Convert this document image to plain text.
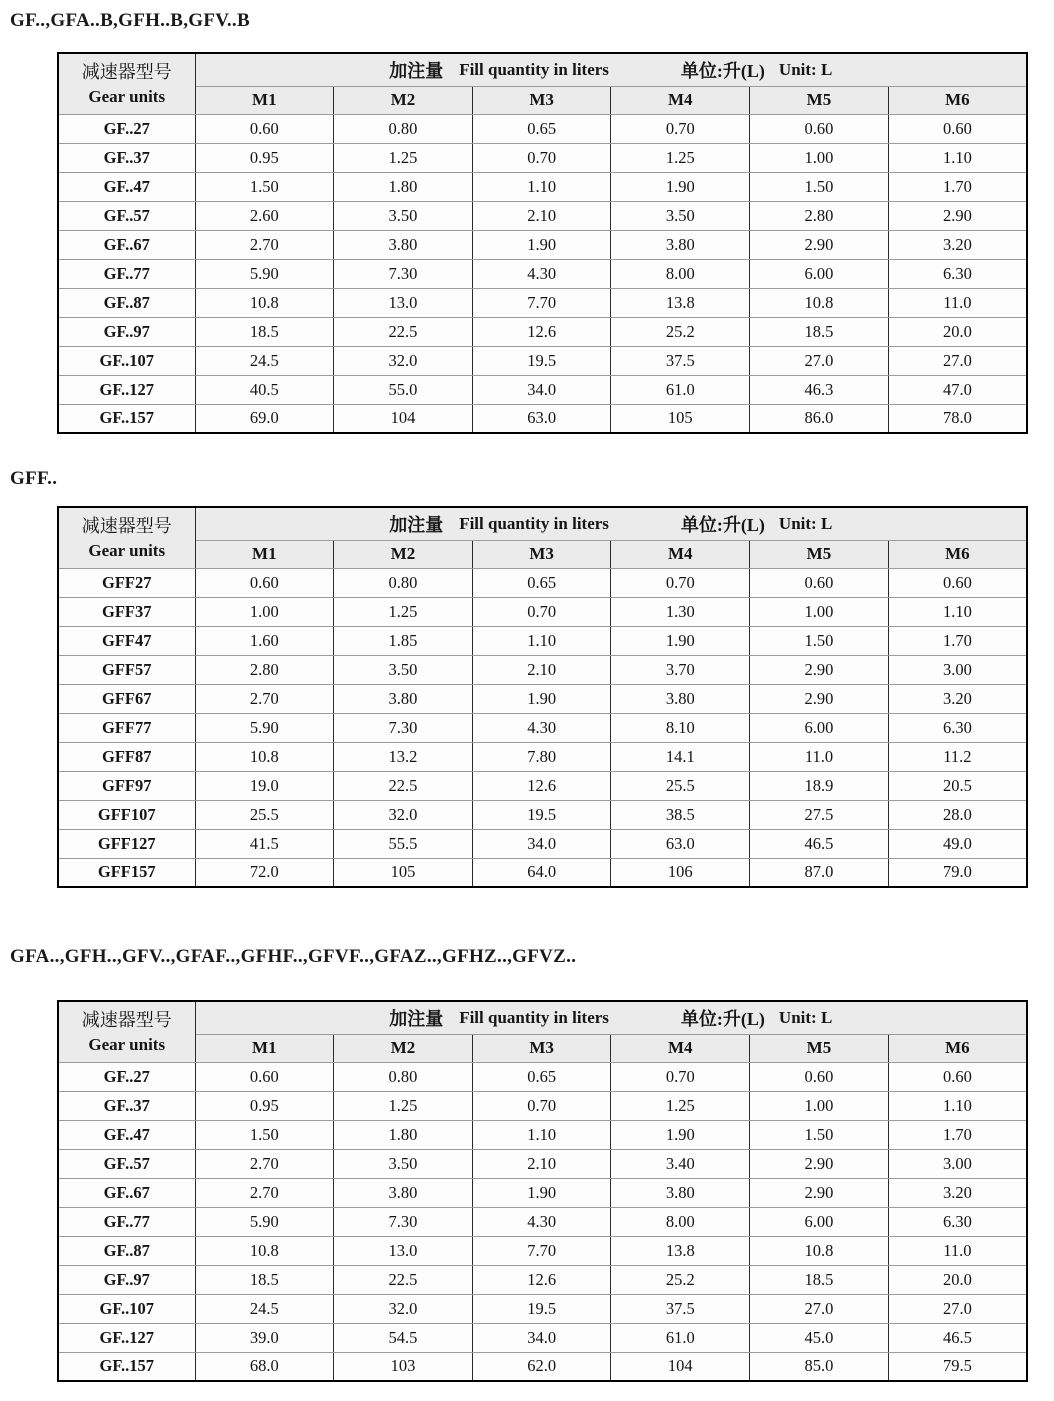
GF..,GFA..B,GFH..B,GFV..B
减速器型号
Gear units	加注量 Fill quantity in liters 单位:升(L) Unit: L					
	M1	M2	M3	M4	M5	M6
GF..27	0.60	0.80	0.65	0.70	0.60	0.60
GF..37	0.95	1.25	0.70	1.25	1.00	1.10
GF..47	1.50	1.80	1.10	1.90	1.50	1.70
GF..57	2.60	3.50	2.10	3.50	2.80	2.90
GF..67	2.70	3.80	1.90	3.80	2.90	3.20
GF..77	5.90	7.30	4.30	8.00	6.00	6.30
GF..87	10.8	13.0	7.70	13.8	10.8	11.0
GF..97	18.5	22.5	12.6	25.2	18.5	20.0
GF..107	24.5	32.0	19.5	37.5	27.0	27.0
GF..127	40.5	55.0	34.0	61.0	46.3	47.0
GF..157	69.0	104	63.0	105	86.0	78.0
GFF..
减速器型号
Gear units	加注量 Fill quantity in liters 单位:升(L) Unit: L					
	M1	M2	M3	M4	M5	M6
GFF27	0.60	0.80	0.65	0.70	0.60	0.60
GFF37	1.00	1.25	0.70	1.30	1.00	1.10
GFF47	1.60	1.85	1.10	1.90	1.50	1.70
GFF57	2.80	3.50	2.10	3.70	2.90	3.00
GFF67	2.70	3.80	1.90	3.80	2.90	3.20
GFF77	5.90	7.30	4.30	8.10	6.00	6.30
GFF87	10.8	13.2	7.80	14.1	11.0	11.2
GFF97	19.0	22.5	12.6	25.5	18.9	20.5
GFF107	25.5	32.0	19.5	38.5	27.5	28.0
GFF127	41.5	55.5	34.0	63.0	46.5	49.0
GFF157	72.0	105	64.0	106	87.0	79.0
GFA..,GFH..,GFV..,GFAF..,GFHF..,GFVF..,GFAZ..,GFHZ..,GFVZ..
减速器型号
Gear units	加注量 Fill quantity in liters 单位:升(L) Unit: L					
	M1	M2	M3	M4	M5	M6
GF..27	0.60	0.80	0.65	0.70	0.60	0.60
GF..37	0.95	1.25	0.70	1.25	1.00	1.10
GF..47	1.50	1.80	1.10	1.90	1.50	1.70
GF..57	2.70	3.50	2.10	3.40	2.90	3.00
GF..67	2.70	3.80	1.90	3.80	2.90	3.20
GF..77	5.90	7.30	4.30	8.00	6.00	6.30
GF..87	10.8	13.0	7.70	13.8	10.8	11.0
GF..97	18.5	22.5	12.6	25.2	18.5	20.0
GF..107	24.5	32.0	19.5	37.5	27.0	27.0
GF..127	39.0	54.5	34.0	61.0	45.0	46.5
GF..157	68.0	103	62.0	104	85.0	79.5
